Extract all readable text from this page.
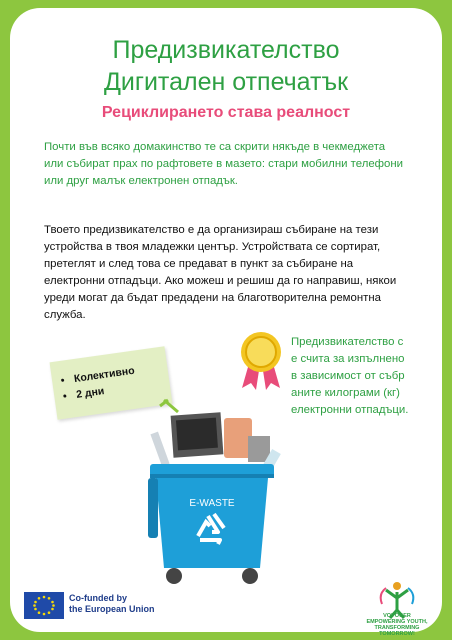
Предизвикателство
Дигитален отпечатък
Рециклирането става реалност
Почти във всяко домакинство те са скрити някъде в чекмеджета или събират прах по рафтовете в мазето: стари мобилни телефони или друг малък електронен отпадък.
Твоето предизвикателство е да организираш събиране на тези устройства в твоя младежки център. Устройствата се сортират, претеглят и след това се предават в пункт за събиране на електронни отпадъци. Ако можеш и решиш да го направиш, някои уреди могат да бъдат предадени на благотворителна ремонтна служба.
Предизвикателство се счита за изпълнено в зависимост от събраните килограми (кг) електронни отпадъци.
• Колективно
• 2 дни
E-WASTE
Co-funded by
the European Union
VOYOGER
EMPOWERING YOUTH,
TRANSFORMING
TOMORROW!
